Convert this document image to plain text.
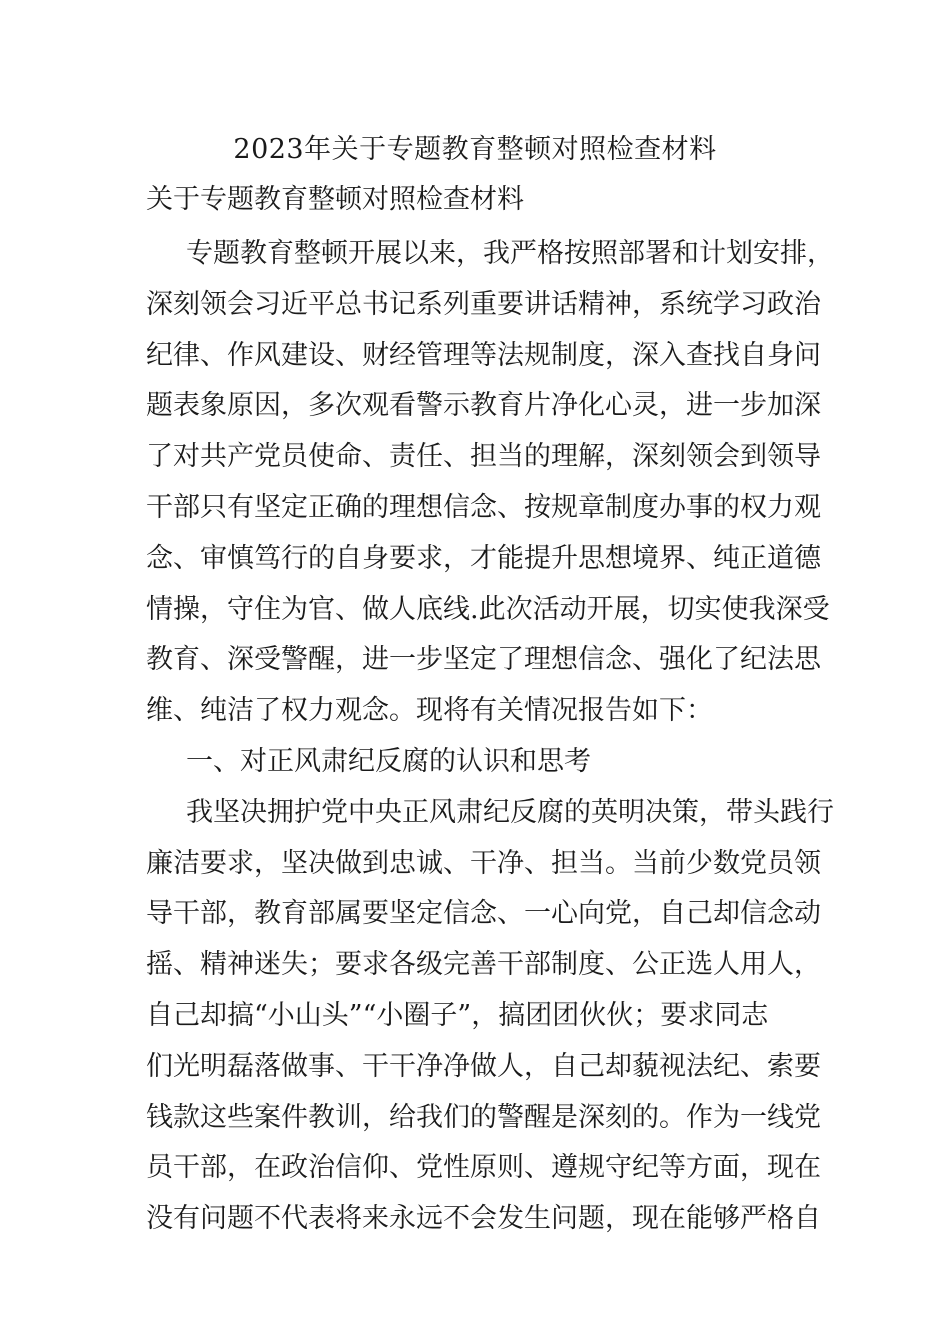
2023年关于专题教育整顿对照检查材料

关于专题教育整顿对照检查材料

专题教育整顿开展以来，我严格按照部署和计划安排，

深刻领会习近平总书记系列重要讲话精神，系统学习政治

纪律、作风建设、财经管理等法规制度，深入查找自身问

题表象原因，多次观看警示教育片净化心灵，进一步加深

了对共产党员使命、责任、担当的理解，深刻领会到领导

干部只有坚定正确的理想信念、按规章制度办事的权力观

念、审慎笃行的自身要求，才能提升思想境界、纯正道德

情操，守住为官、做人底线.此次活动开展，切实使我深受

教育、深受警醒，进一步坚定了理想信念、强化了纪法思

维、纯洁了权力观念。现将有关情况报告如下：

一、对正风肃纪反腐的认识和思考

我坚决拥护党中央正风肃纪反腐的英明决策，带头践行

廉洁要求，坚决做到忠诚、干净、担当。当前少数党员领

导干部，教育部属要坚定信念、一心向党，自己却信念动

摇、精神迷失；要求各级完善干部制度、公正选人用人，

自己却搞“小山头”“小圈子”，搞团团伙伙；要求同志

们光明磊落做事、干干净净做人，自己却藐视法纪、索要

钱款这些案件教训，给我们的警醒是深刻的。作为一线党

员干部，在政治信仰、党性原则、遵规守纪等方面，现在

没有问题不代表将来永远不会发生问题，现在能够严格自
